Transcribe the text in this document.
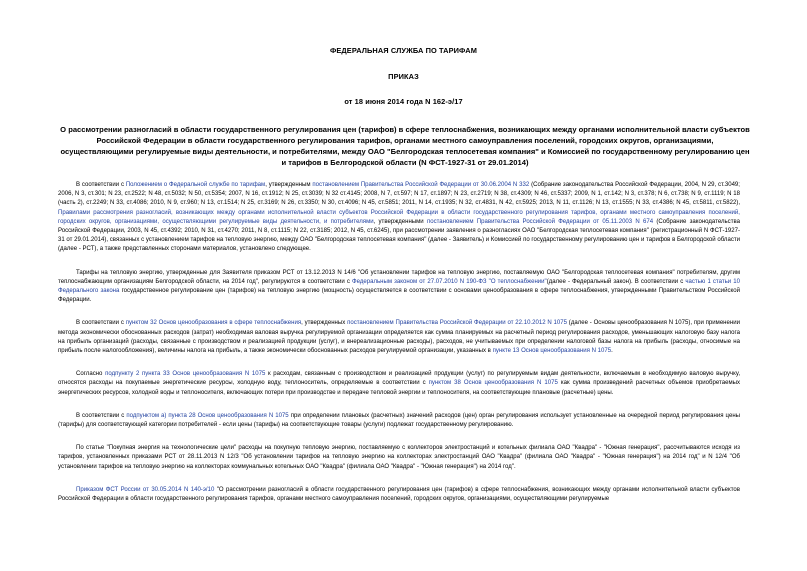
ФЕДЕРАЛЬНАЯ СЛУЖБА ПО ТАРИФАМ
ПРИКАЗ
от 18 июня 2014 года N 162-э/17
О рассмотрении разногласий в области государственного регулирования цен (тарифов) в сфере теплоснабжения, возникающих между органами исполнительной власти субъектов Российской Федерации в области государственного регулирования тарифов, органами местного самоуправления поселений, городских округов, организациями, осуществляющими регулируемые виды деятельности, и потребителями, между ОАО "Белгородская теплосетевая компания" и Комиссией по государственному регулированию цен и тарифов в Белгородской области (N ФСТ-1927-31 от 29.01.2014)

В соответствии с Положением о Федеральной службе по тарифам, утвержденным постановлением Правительства Российской Федерации от 30.06.2004 N 332 (Собрание законодательства Российской Федерации, 2004, N 29, ст.3049; 2006, N 3, ст.301; N 23, ст.2522; N 48, ст.5032; N 50, ст.5354; 2007, N 16, ст.1912; N 25, ст.3039; N 32 ст.4145; 2008, N 7, ст.597; N 17, ст.1897; N 23, ст.2719; N 38, ст.4309; N 46, ст.5337; 2009, N 1, ст.142; N 3, ст.378; N 6, ст.738; N 9, ст.1119; N 18 (часть 2), ст.2249; N 33, ст.4086; 2010, N 9, ст.960; N 13, ст.1514; N 25, ст.3169; N 26, ст.3350; N 30, ст.4096; N 45, ст.5851; 2011, N 14, ст.1935; N 32, ст.4831, N 42, ст.5925; 2013, N 11, ст.1126; N 13, ст.1555; N 33, ст.4386; N 45, ст.5811, ст.5822), Правилами рассмотрения разногласий, возникающих между органами исполнительной власти субъектов Российской Федерации в области государственного регулирования тарифов, органами местного самоуправления поселений, городских округов, организациями, осуществляющими регулируемые виды деятельности, и потребителями, утвержденными постановлением Правительства Российской Федерации от 05.11.2003 N 674 (Собрание законодательства Российской Федерации, 2003, N 45, ст.4392; 2010, N 31, ст.4270; 2011, N 8, ст.1115; N 22, ст.3185; 2012, N 45, ст.6245), при рассмотрении заявления о разногласиях ОАО "Белгородская теплосетевая компания" (регистрационный N ФСТ-1927-31 от 29.01.2014), связанных с установлением тарифов на тепловую энергию, между ОАО "Белгородская теплосетевая компания" (далее - Заявитель) и Комиссией по государственному регулированию цен и тарифов в Белгородской области (далее - РСТ), а также представленных сторонами материалов, установлено следующее.

Тарифы на тепловую энергию, утвержденные для Заявителя приказом РСТ от 13.12.2013 N 14/6 "Об установлении тарифов на тепловую энергию, поставляемую ОАО "Белгородская теплосетевая компания" потребителям, другим теплоснабжающим организациям Белгородской области, на 2014 год", регулируются в соответствии с Федеральным законом от 27.07.2010 N 190-ФЗ "О теплоснабжении"(далее - Федеральный закон). В соответствии с частью 1 статьи 10 Федерального закона государственное регулирование цен (тарифов) на тепловую энергию (мощность) осуществляется в соответствии с основами ценообразования в сфере теплоснабжения, утвержденными Правительством Российской Федерации.

В соответствии с пунктом 32 Основ ценообразования в сфере теплоснабжения, утвержденных постановлением Правительства Российской Федерации от 22.10.2012 N 1075 (далее - Основы ценообразования N 1075), при применении метода экономически обоснованных расходов (затрат) необходимая валовая выручка регулируемой организации определяется как сумма планируемых на расчетный период регулирования расходов, уменьшающих налоговую базу налога на прибыль организаций (расходы, связанные с производством и реализацией продукции (услуг), и внереализационные расходы), расходов, не учитываемых при определении налоговой базы налога на прибыль (расходы, относимые на прибыль после налогообложения), величины налога на прибыль, а также экономически обоснованных расходов регулируемой организации, указанных в пункте 13 Основ ценообразования N 1075.

Согласно подпункту 2 пункта 33 Основ ценообразования N 1075 к расходам, связанным с производством и реализацией продукции (услуг) по регулируемым видам деятельности, включаемым в необходимую валовую выручку, относятся расходы на покупаемые энергетические ресурсы, холодную воду, теплоноситель, определяемые в соответствии с пунктом 38 Основ ценообразования N 1075 как сумма произведений расчетных объемов приобретаемых энергетических ресурсов, холодной воды и теплоносителя, включающих потери при производстве и передаче тепловой энергии и теплоносителя, на соответствующие плановые (расчетные) цены.

В соответствии с подпунктом а) пункта 28 Основ ценообразования N 1075 при определении плановых (расчетных) значений расходов (цен) орган регулирования использует установленные на очередной период регулирования цены (тарифы) для соответствующей категории потребителей - если цены (тарифы) на соответствующие товары (услуги) подлежат государственному регулированию.

По статье "Покупная энергия на технологические цели" расходы на покупную тепловую энергию, поставляемую с коллекторов электростанций и котельных филиала ОАО "Квадра" - "Южная генерация", рассчитываются исходя из тарифов, установленных приказами РСТ от 28.11.2013 N 12/3 "Об установлении тарифов на тепловую энергию на коллекторах электростанций ОАО "Квадра" (филиала ОАО "Квадра" - "Южная генерация") на 2014 год" и N 12/4 "Об установлении тарифов на тепловую энергию на коллекторах коммунальных котельных ОАО "Квадра" (филиала ОАО "Квадра" - "Южная генерация") на 2014 год".

Приказом ФСТ России от 30.05.2014 N 140-э/10 "О рассмотрении разногласий в области государственного регулирования цен (тарифов) в сфере теплоснабжения, возникающих между органами исполнительной власти субъектов Российской Федерации в области государственного регулирования тарифов, органами местного самоуправления поселений, городских округов, организациями, осуществляющими регулируемые
